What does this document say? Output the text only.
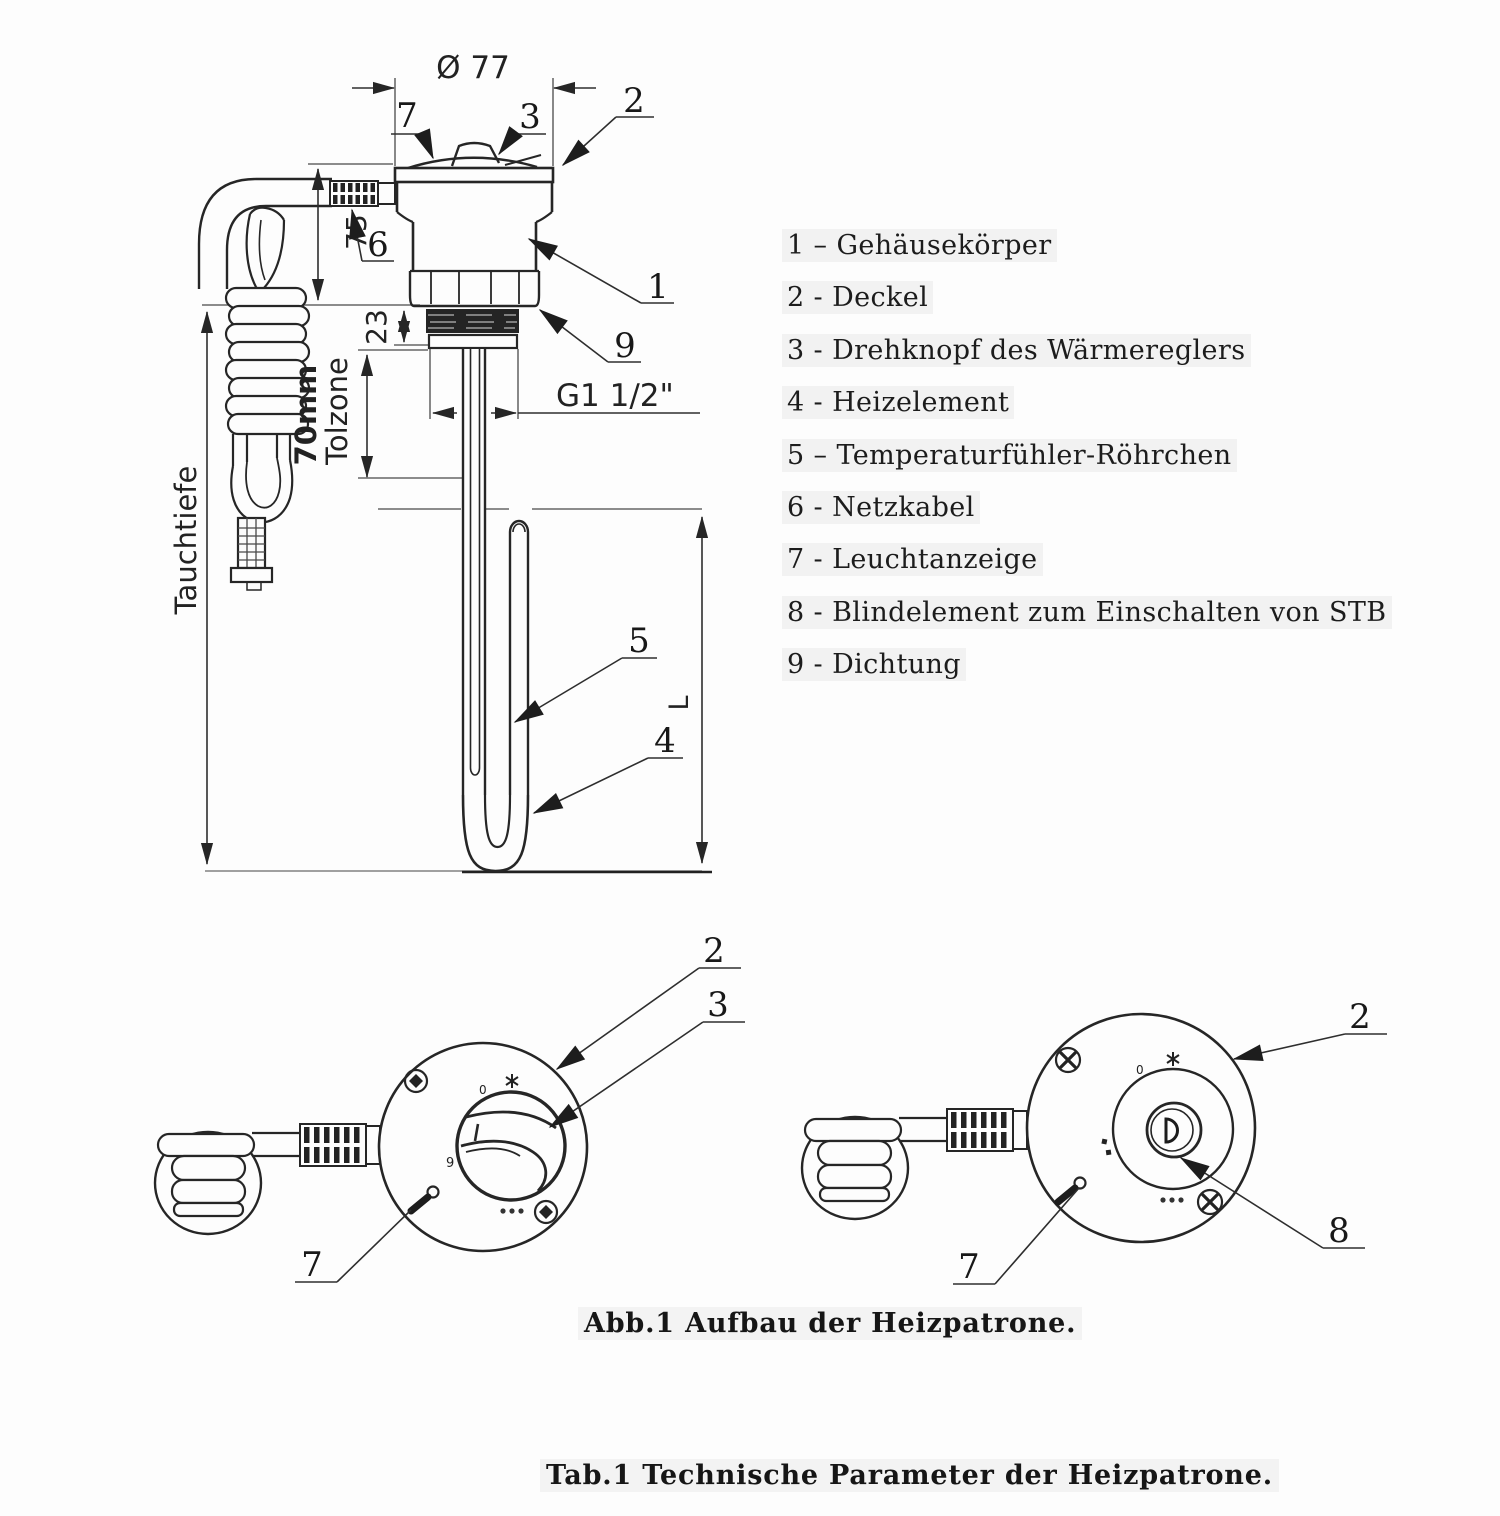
Ø 77
G1 1/2"
75
23
70mm
Tolzone
Tauchtiefe
L
7	3 2
6
1
9
5
4
0
9
2
3
7
0
2
8
7
1 – Gehäusekörper
2 - Deckel
3 - Drehknopf des Wärmereglers
4 - Heizelement
5 – Temperaturfühler-Röhrchen
6 - Netzkabel
7 - Leuchtanzeige
8 - Blindelement zum Einschalten von STB
9 - Dichtung
Abb.1 Aufbau der Heizpatrone.
Tab.1 Technische Parameter der Heizpatrone.
